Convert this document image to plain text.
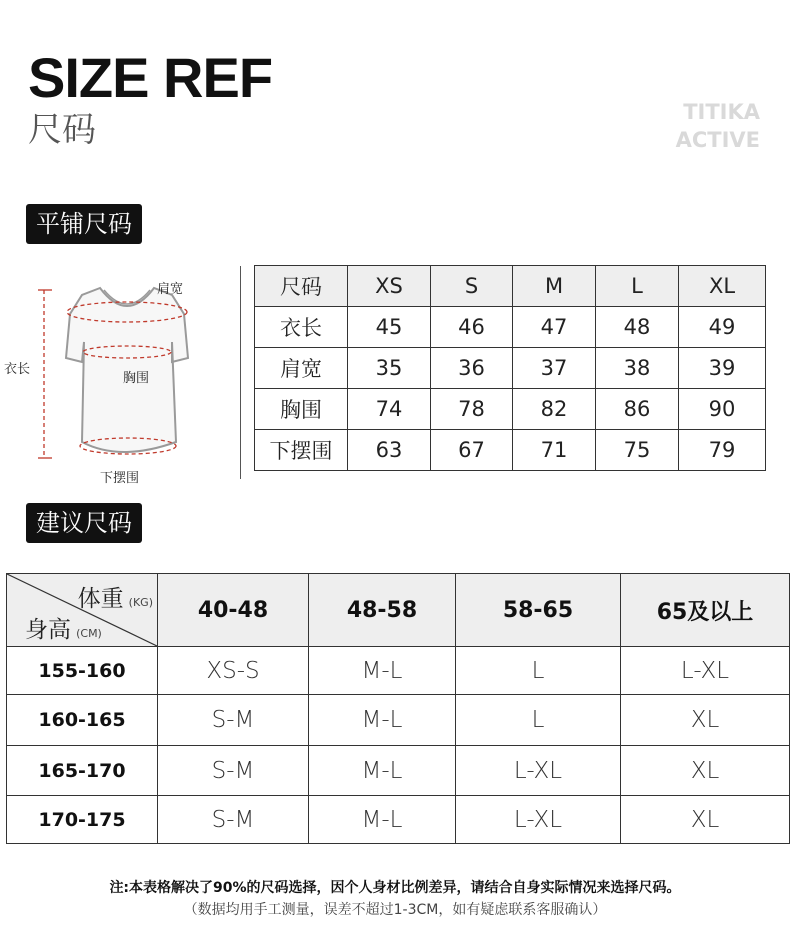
SIZE REF
尺码	TITIKA
ACTIVE
平铺尺码
肩宽
衣长
胸围
下摆围
尺码	XS	S	M	L	XL
衣长	45	46	47	48	49
肩宽	35	36	37	38	39
胸围	74	78	82	86	90
下摆围	63	67	71	75	79
建议尺码
体重 (KG)
身高 (CM)	40-48	48-58	58-65	65及以上
155-160	XS-S	M-L	L	L-XL
160-165	S-M	M-L	L	XL
165-170	S-M	M-L	L-XL	XL
170-175	S-M	M-L	L-XL	XL
注:本表格解决了90%的尺码选择，因个人身材比例差异，请结合自身实际情况来选择尺码。
（数据均用手工测量，误差不超过1-3CM，如有疑虑联系客服确认）
